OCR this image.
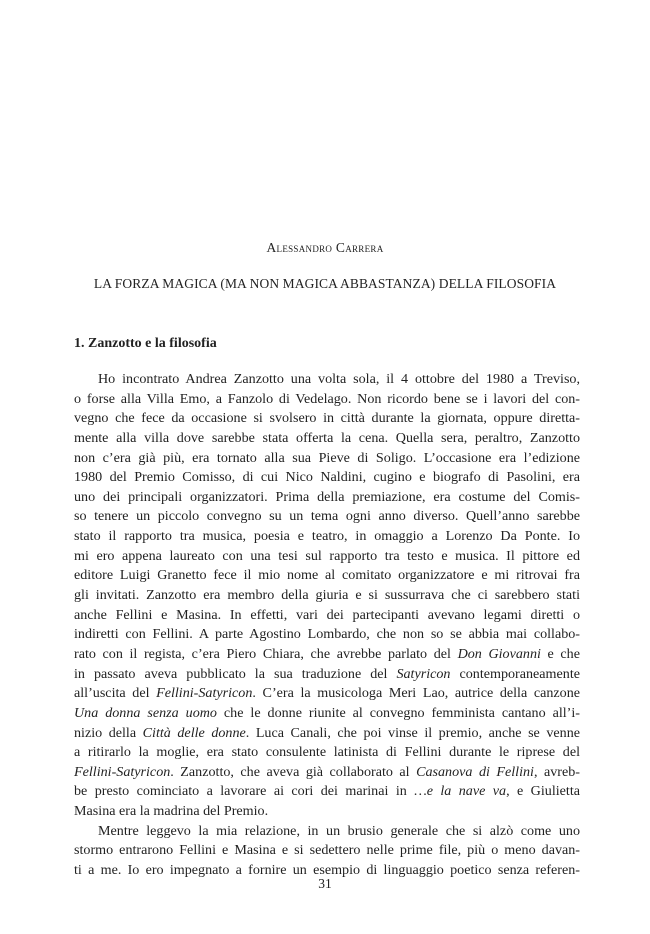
Alessandro Carrera
LA FORZA MAGICA (MA NON MAGICA ABBASTANZA) DELLA FILOSOFIA
1. Zanzotto e la filosofia
Ho incontrato Andrea Zanzotto una volta sola, il 4 ottobre del 1980 a Treviso,
o forse alla Villa Emo, a Fanzolo di Vedelago. Non ricordo bene se i lavori del con-
vegno che fece da occasione si svolsero in città durante la giornata, oppure diretta-
mente alla villa dove sarebbe stata offerta la cena. Quella sera, peraltro, Zanzotto
non c’era già più, era tornato alla sua Pieve di Soligo. L’occasione era l’edizione
1980 del Premio Comisso, di cui Nico Naldini, cugino e biografo di Pasolini, era
uno dei principali organizzatori. Prima della premiazione, era costume del Comis-
so tenere un piccolo convegno su un tema ogni anno diverso. Quell’anno sarebbe
stato il rapporto tra musica, poesia e teatro, in omaggio a Lorenzo Da Ponte. Io
mi ero appena laureato con una tesi sul rapporto tra testo e musica. Il pittore ed
editore Luigi Granetto fece il mio nome al comitato organizzatore e mi ritrovai fra
gli invitati. Zanzotto era membro della giuria e si sussurrava che ci sarebbero stati
anche Fellini e Masina. In effetti, vari dei partecipanti avevano legami diretti o
indiretti con Fellini. A parte Agostino Lombardo, che non so se abbia mai collabo-
rato con il regista, c’era Piero Chiara, che avrebbe parlato del Don Giovanni e che
in passato aveva pubblicato la sua traduzione del Satyricon contemporaneamente
all’uscita del Fellini-Satyricon. C’era la musicologa Meri Lao, autrice della canzone
Una donna senza uomo che le donne riunite al convegno femminista cantano all’i-
nizio della Città delle donne. Luca Canali, che poi vinse il premio, anche se venne
a ritirarlo la moglie, era stato consulente latinista di Fellini durante le riprese del
Fellini-Satyricon. Zanzotto, che aveva già collaborato al Casanova di Fellini, avreb-
be presto cominciato a lavorare ai cori dei marinai in …e la nave va, e Giulietta
Masina era la madrina del Premio.
Mentre leggevo la mia relazione, in un brusio generale che si alzò come uno
stormo entrarono Fellini e Masina e si sedettero nelle prime file, più o meno davan-
ti a me. Io ero impegnato a fornire un esempio di linguaggio poetico senza referen-
31
